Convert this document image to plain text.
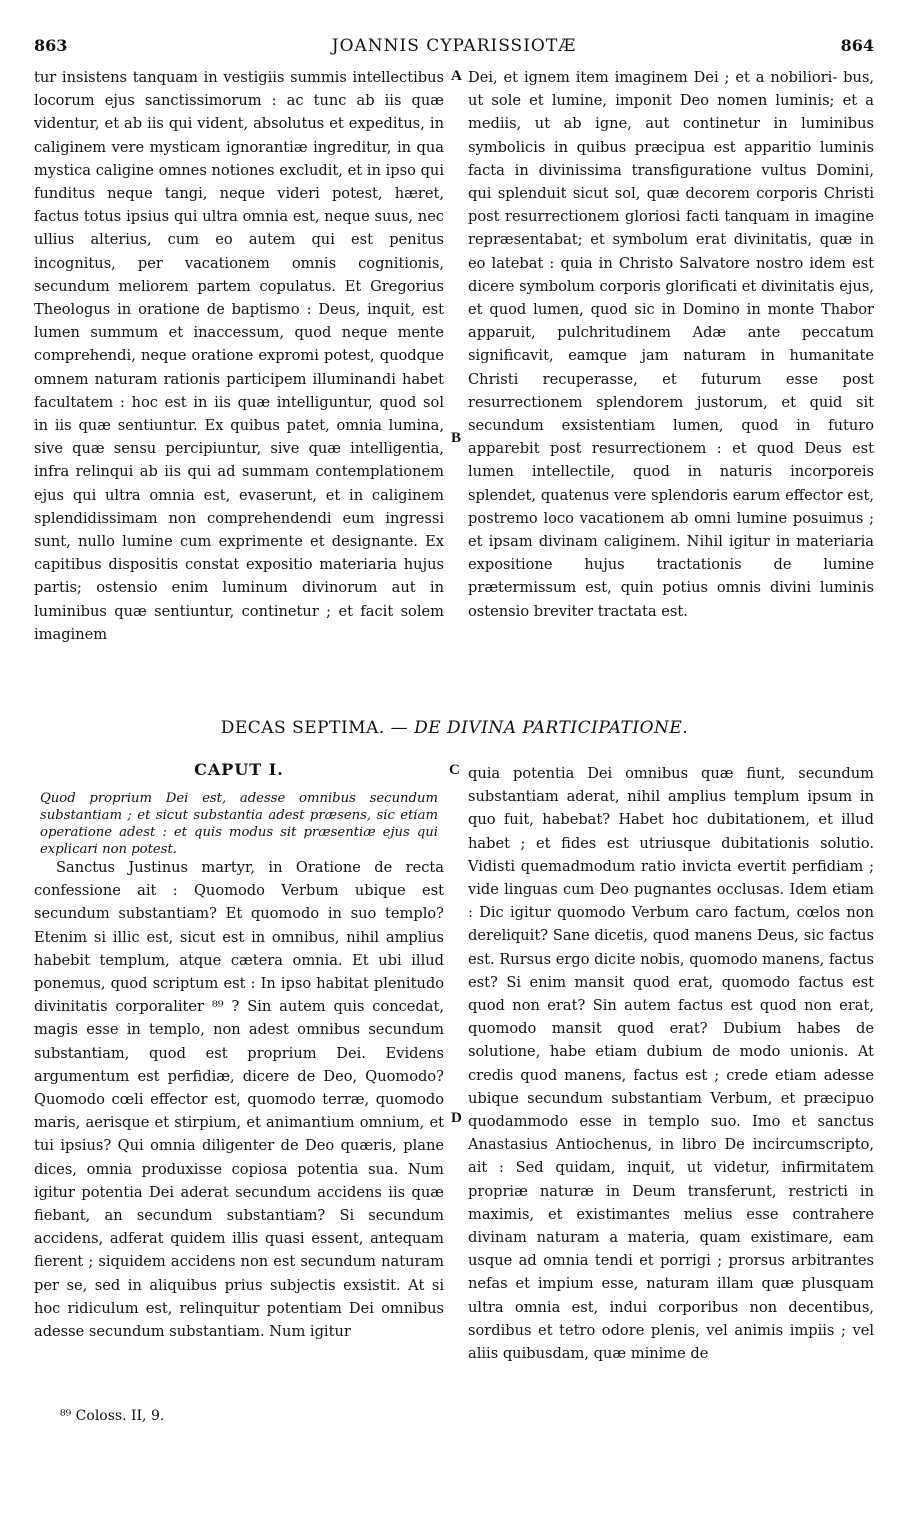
863	JOANNIS CYPARISSIOTÆ	864

tur insistens tanquam in vestigiis summis intellectibus locorum ejus sanctissimorum : ac tunc ab iis quæ videntur, et ab iis qui vident, absolutus et expeditus, in caliginem vere mysticam ignorantiæ ingreditur, in qua mystica caligine omnes notiones excludit, et in ipso qui funditus neque tangi, neque videri potest, hæret, factus totus ipsius qui ultra omnia est, neque suus, nec ullius alterius, cum eo autem qui est penitus incognitus, per vacationem omnis cognitionis, secundum meliorem partem copulatus. Et Gregorius Theologus in oratione de baptismo : Deus, inquit, est lumen summum et inaccessum, quod neque mente comprehendi, neque oratione expromi potest, quodque omnem naturam rationis participem illuminandi habet facultatem : hoc est in iis quæ intelliguntur, quod sol in iis quæ sentiuntur. Ex quibus patet, omnia lumina, sive quæ sensu percipiuntur, sive quæ intelligentia, infra relinqui ab iis qui ad summam contemplationem ejus qui ultra omnia est, evaserunt, et in caliginem splendidissimam non comprehendendi eum ingressi sunt, nullo lumine cum exprimente et designante. Ex capitibus dispositis constat expositio materiaria hujus partis; ostensio enim luminum divinorum aut in luminibus quæ sentiuntur, continetur ; et facit solem imaginem

A
B

Dei, et ignem item imaginem Dei ; et a nobiliori- bus, ut sole et lumine, imponit Deo nomen luminis; et a mediis, ut ab igne, aut continetur in luminibus symbolicis in quibus præcipua est apparitio luminis facta in divinissima transfiguratione vultus Domini, qui splenduit sicut sol, quæ decorem corporis Christi post resurrectionem gloriosi facti tanquam in imagine repræsentabat; et symbolum erat divinitatis, quæ in eo latebat : quia in Christo Salvatore nostro idem est dicere symbolum corporis glorificati et divinitatis ejus, et quod lumen, quod sic in Domino in monte Thabor apparuit, pulchritudinem Adæ ante peccatum significavit, eamque jam naturam in humanitate Christi recuperasse, et futurum esse post resurrectionem splendorem justorum, et quid sit secundum exsistentiam lumen, quod in futuro apparebit post resurrectionem : et quod Deus est lumen intellectile, quod in naturis incorporeis splendet, quatenus vere splendoris earum effector est, postremo loco vacationem ab omni lumine posuimus ; et ipsam divinam caliginem. Nihil igitur in materiaria expositione hujus tractationis de lumine prætermissum est, quin potius omnis divini luminis ostensio breviter tractata est.

DECAS SEPTIMA. — DE DIVINA PARTICIPATIONE.
CAPUT I.
Quod proprium Dei est, adesse omnibus secundum substantiam ; et sicut substantia adest præsens, sic etiam operatione adest : et quis modus sit præsentiæ ejus qui explicari non potest.

Sanctus Justinus martyr, in Oratione de recta confessione ait : Quomodo Verbum ubique est secundum substantiam? Et quomodo in suo templo? Etenim si illic est, sicut est in omnibus, nihil amplius habebit templum, atque cætera omnia. Et ubi illud ponemus, quod scriptum est : In ipso habitat plenitudo divinitatis corporaliter ⁸⁹ ? Sin autem quis concedat, magis esse in templo, non adest omnibus secundum substantiam, quod est proprium Dei. Evidens argumentum est perfidiæ, dicere de Deo, Quomodo? Quomodo cœli effector est, quomodo terræ, quomodo maris, aerisque et stirpium, et animantium omnium, et tui ipsius? Qui omnia diligenter de Deo quæris, plane dices, omnia produxisse copiosa potentia sua. Num igitur potentia Dei aderat secundum accidens iis quæ fiebant, an secundum substantiam? Si secundum accidens, adferat quidem illis quasi essent, antequam fierent ; siquidem accidens non est secundum naturam per se, sed in aliquibus prius subjectis exsistit. At si hoc ridiculum est, relinquitur potentiam Dei omnibus adesse secundum substantiam. Num igitur

C
D

quia potentia Dei omnibus quæ fiunt, secundum substantiam aderat, nihil amplius templum ipsum in quo fuit, habebat? Habet hoc dubitationem, et illud habet ; et fides est utriusque dubitationis solutio. Vidisti quemadmodum ratio invicta evertit perfidiam ; vide linguas cum Deo pugnantes occlusas. Idem etiam : Dic igitur quomodo Verbum caro factum, cœlos non dereliquit? Sane dicetis, quod manens Deus, sic factus est. Rursus ergo dicite nobis, quomodo manens, factus est? Si enim mansit quod erat, quomodo factus est quod non erat? Sin autem factus est quod non erat, quomodo mansit quod erat? Dubium habes de solutione, habe etiam dubium de modo unionis. At credis quod manens, factus est ; crede etiam adesse ubique secundum substantiam Verbum, et præcipuo quodammodo esse in templo suo. Imo et sanctus Anastasius Antiochenus, in libro De incircumscripto, ait : Sed quidam, inquit, ut videtur, infirmitatem propriæ naturæ in Deum transferunt, restricti in maximis, et existimantes melius esse contrahere divinam naturam a materia, quam existimare, eam usque ad omnia tendi et porrigi ; prorsus arbitrantes nefas et impium esse, naturam illam quæ plusquam ultra omnia est, indui corporibus non decentibus, sordibus et tetro odore plenis, vel animis impiis ; vel aliis quibusdam, quæ minime de

⁸⁹ Coloss. II, 9.
